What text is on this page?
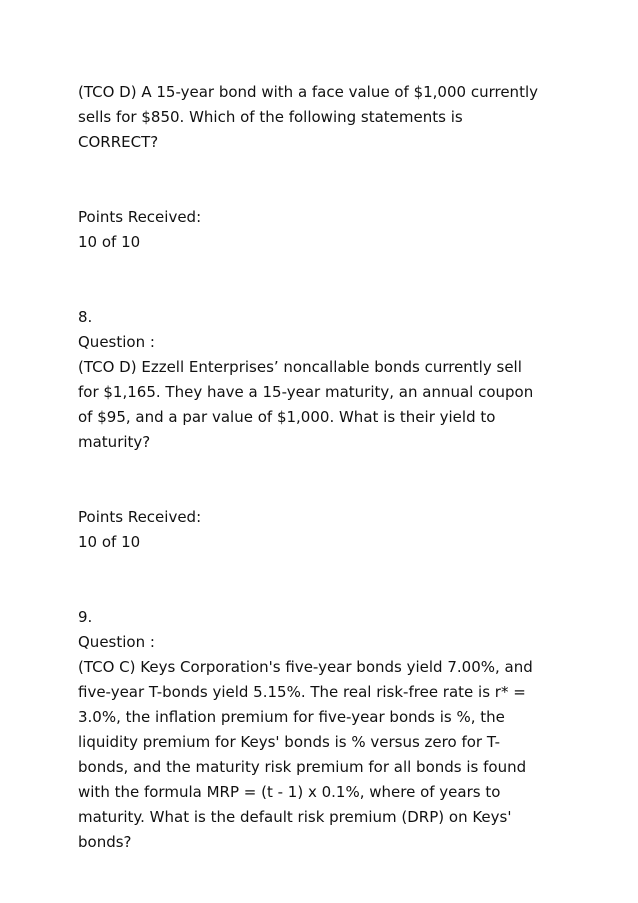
(TCO D) A 15-year bond with a face value of $1,000 currently
sells for $850. Which of the following statements is
CORRECT?
Points Received:
10 of 10
8.
Question :
(TCO D) Ezzell Enterprises’ noncallable bonds currently sell
for $1,165. They have a 15-year maturity, an annual coupon
of $95, and a par value of $1,000. What is their yield to
maturity?
Points Received:
10 of 10
9.
Question :
(TCO C) Keys Corporation's five-year bonds yield 7.00%, and
five-year T-bonds yield 5.15%. The real risk-free rate is r* =
3.0%, the inflation premium for five-year bonds is %, the
liquidity premium for Keys' bonds is % versus zero for T-
bonds, and the maturity risk premium for all bonds is found
with the formula MRP = (t - 1) x 0.1%, where of years to
maturity. What is the default risk premium (DRP) on Keys'
bonds?
